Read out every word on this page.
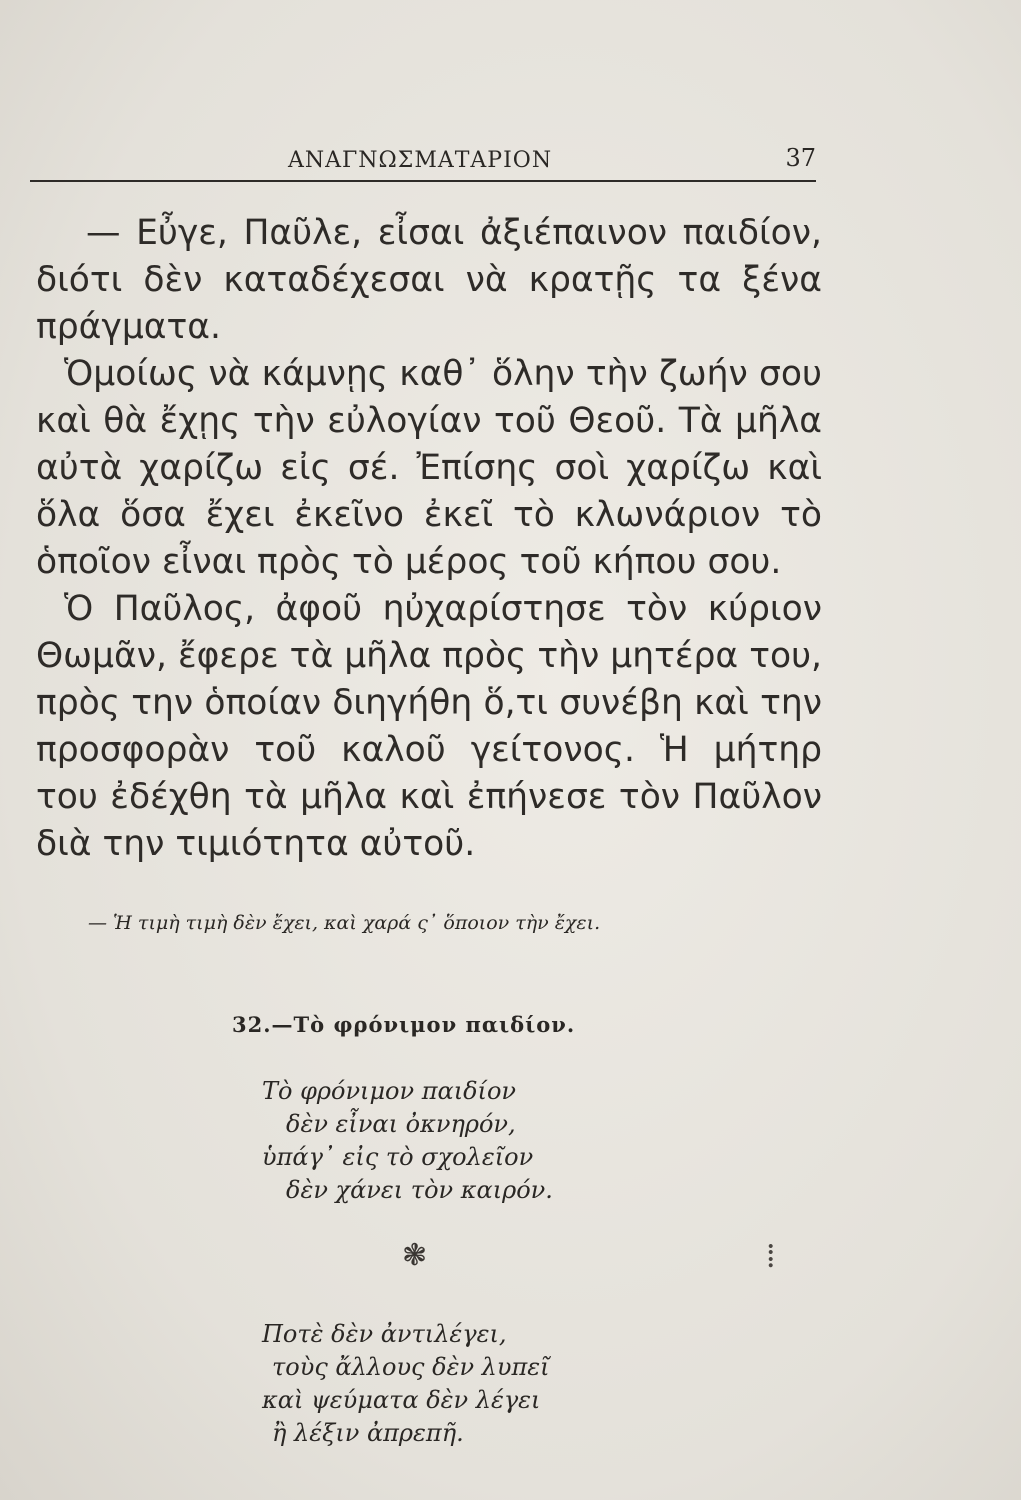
ΑΝΑΓΝΩΣΜΑΤΑΡΙΟΝ	37

— Εὖγε, Παῦλε, εἶσαι ἀξιέπαινον παιδίον, διότι δὲν καταδέχεσαι νὰ κρατῇς τα ξένα πράγματα.

Ὁμοίως νὰ κάμνῃς καθ᾽ ὅλην τὴν ζωήν σου καὶ θὰ ἔχῃς τὴν εὐλογίαν τοῦ Θεοῦ. Τὰ μῆλα αὐτὰ χαρίζω εἰς σέ. Ἐπίσης σοὶ χαρίζω καὶ ὅλα ὅσα ἔχει ἐκεῖνο ἐκεῖ τὸ κλωνάριον τὸ ὁποῖον εἶναι πρὸς τὸ μέρος τοῦ κήπου σου.

Ὁ Παῦλος, ἀφοῦ ηὐχαρίστησε τὸν κύριον Θωμᾶν, ἔφερε τὰ μῆλα πρὸς τὴν μητέρα του, πρὸς την ὁποίαν διηγήθη ὅ,τι συνέβη καὶ την προσφορὰν τοῦ καλοῦ γείτονος. Ἡ μήτηρ του ἐδέχθη τὰ μῆλα καὶ ἐπήνεσε τὸν Παῦλον διὰ την τιμιότητα αὐτοῦ.

— Ἡ τιμὴ τιμὴ δὲν ἔχει, καὶ χαρά ς᾽ ὅποιον τὴν ἔχει.
32.—Τὸ φρόνιμον παιδίον.
Τὸ φρόνιμον παιδίον
δὲν εἶναι ὀκνηρόν,
ὑπάγ᾽ εἰς τὸ σχολεῖον
δὲν χάνει τὸν καιρόν.
❃	⁞
Ποτὲ δὲν ἀντιλέγει,
τοὺς ἄλλους δὲν λυπεῖ
καὶ ψεύματα δὲν λέγει
ἢ λέξιν ἀπρεπῆ.
